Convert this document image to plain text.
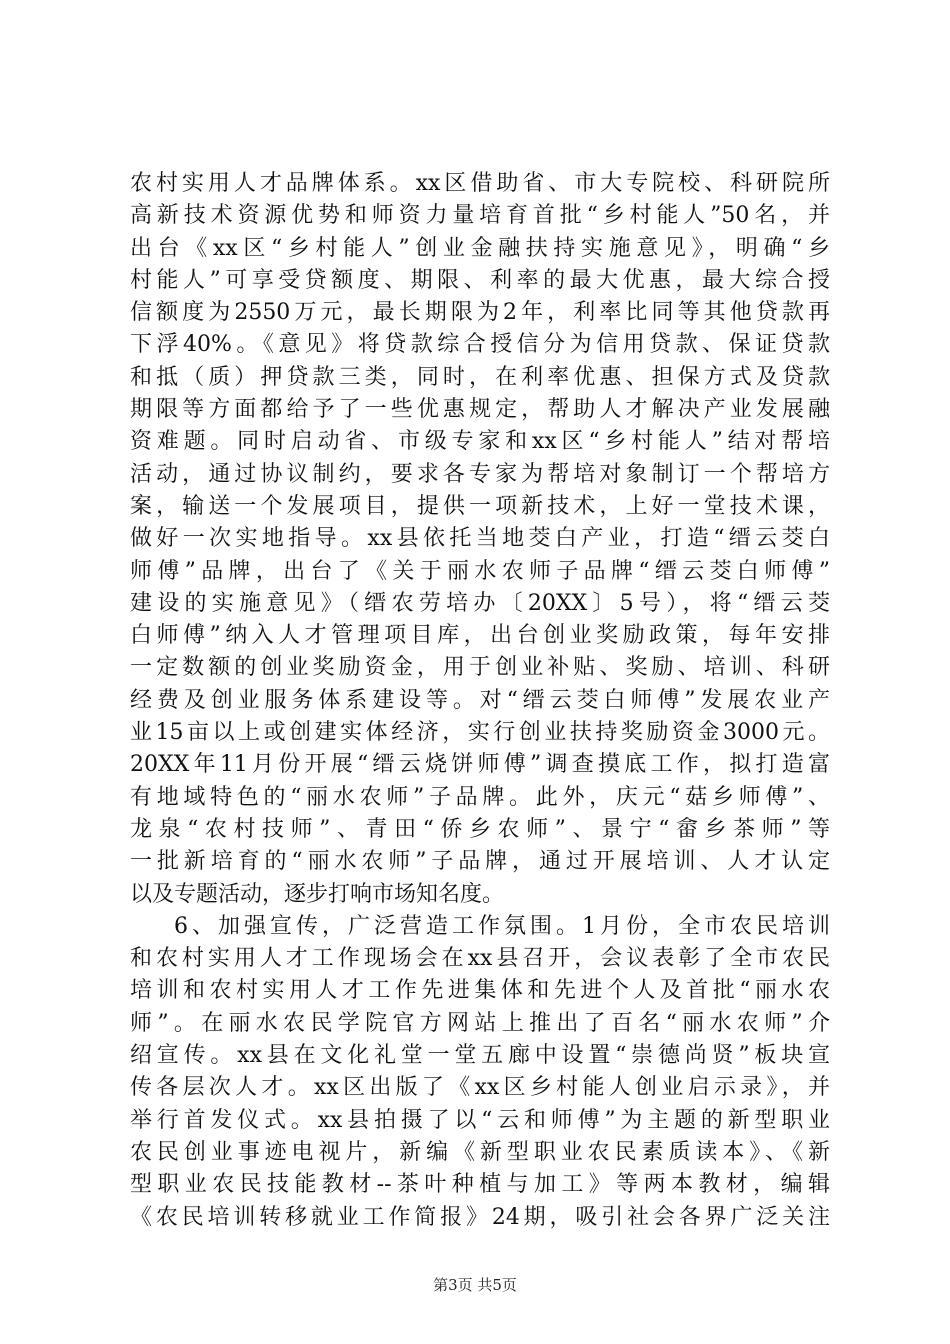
农村实用人才品牌体系。xx区借助省、市大专院校、科研院所
高新技术资源优势和师资力量培育首批“乡村能人”50名，并
出台《xx区“乡村能人”创业金融扶持实施意见》，明确“乡
村能人”可享受贷额度、期限、利率的最大优惠，最大综合授
信额度为2550万元，最长期限为2年，利率比同等其他贷款再
下浮40%。《意见》将贷款综合授信分为信用贷款、保证贷款
和抵（质）押贷款三类，同时，在利率优惠、担保方式及贷款
期限等方面都给予了一些优惠规定，帮助人才解决产业发展融
资难题。同时启动省、市级专家和xx区“乡村能人”结对帮培
活动，通过协议制约，要求各专家为帮培对象制订一个帮培方
案，输送一个发展项目，提供一项新技术，上好一堂技术课，
做好一次实地指导。xx县依托当地茭白产业，打造“缙云茭白
师傅”品牌，出台了《关于丽水农师子品牌“缙云茭白师傅”
建设的实施意见》（缙农劳培办〔20XX〕5号），将“缙云茭
白师傅”纳入人才管理项目库，出台创业奖励政策，每年安排
一定数额的创业奖励资金，用于创业补贴、奖励、培训、科研
经费及创业服务体系建设等。对“缙云茭白师傅”发展农业产
业15亩以上或创建实体经济，实行创业扶持奖励资金3000元。
20XX年11月份开展“缙云烧饼师傅”调查摸底工作，拟打造富
有地域特色的“丽水农师”子品牌。此外，庆元“菇乡师傅”、
龙泉“农村技师”、青田“侨乡农师”、景宁“畲乡茶师”等
一批新培育的“丽水农师”子品牌，通过开展培训、人才认定
以及专题活动，逐步打响市场知名度。
6、加强宣传，广泛营造工作氛围。1月份，全市农民培训
和农村实用人才工作现场会在xx县召开，会议表彰了全市农民
培训和农村实用人才工作先进集体和先进个人及首批“丽水农
师”。在丽水农民学院官方网站上推出了百名“丽水农师”介
绍宣传。xx县在文化礼堂一堂五廊中设置“崇德尚贤”板块宣
传各层次人才。xx区出版了《xx区乡村能人创业启示录》，并
举行首发仪式。xx县拍摄了以“云和师傅”为主题的新型职业
农民创业事迹电视片，新编《新型职业农民素质读本》、《新
型职业农民技能教材--茶叶种植与加工》等两本教材，编辑
《农民培训转移就业工作简报》24期，吸引社会各界广泛关注
第3页 共5页
